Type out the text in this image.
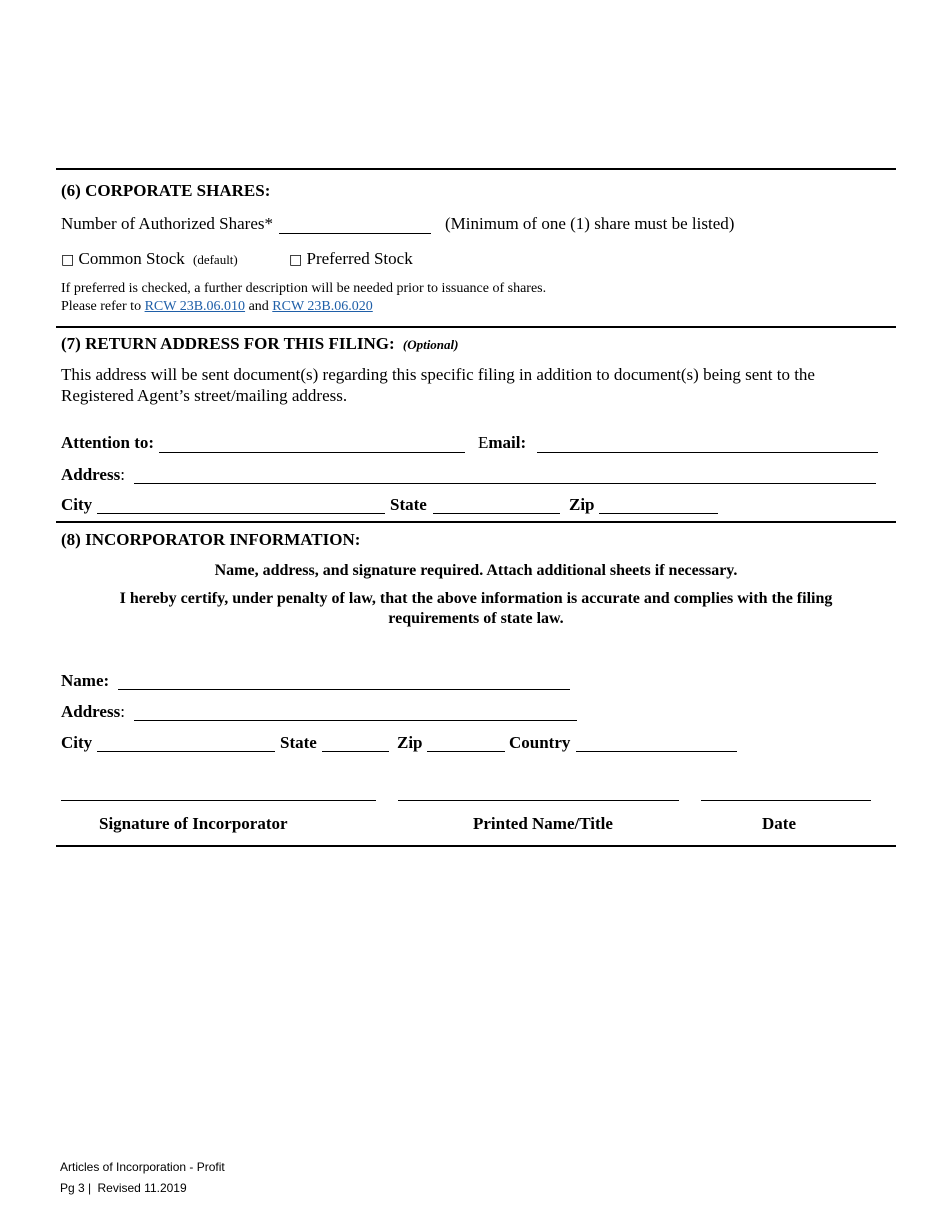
(6) CORPORATE SHARES:
Number of Authorized Shares*	(Minimum of one (1) share must be listed)
□ Common Stock (default)	□ Preferred Stock
If preferred is checked, a further description will be needed prior to issuance of shares.
Please refer to RCW 23B.06.010 and RCW 23B.06.020
(7) RETURN ADDRESS FOR THIS FILING: (Optional)
This address will be sent document(s) regarding this specific filing in addition to document(s) being sent to the
Registered Agent’s street/mailing address.
Attention to:	Email:
Address:
City	State	Zip
(8) INCORPORATOR INFORMATION:
Name, address, and signature required. Attach additional sheets if necessary.
I hereby certify, under penalty of law, that the above information is accurate and complies with the filing
requirements of state law.
Name:
Address:
City	State	Zip	Country
Signature of Incorporator	Printed Name/Title	Date
Articles of Incorporation - Profit
Pg 3 | Revised 11.2019
